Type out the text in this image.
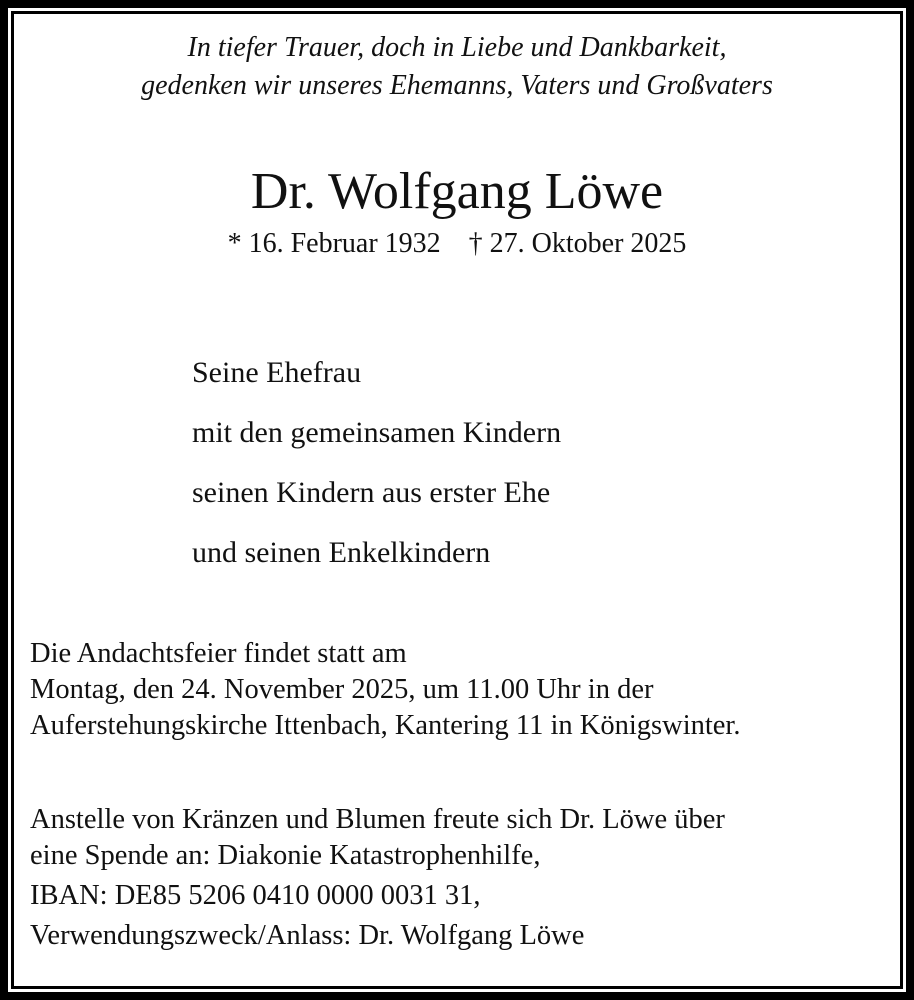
In tiefer Trauer, doch in Liebe und Dankbarkeit,
gedenken wir unseres Ehemanns, Vaters und Großvaters
Dr. Wolfgang Löwe
* 16. Februar 1932    † 27. Oktober 2025
Seine Ehefrau
mit den gemeinsamen Kindern
seinen Kindern aus erster Ehe
und seinen Enkelkindern
Die Andachtsfeier findet statt am
Montag, den 24. November 2025, um 11.00 Uhr in der
Auferstehungskirche Ittenbach, Kantering 11 in Königswinter.
Anstelle von Kränzen und Blumen freute sich Dr. Löwe über
eine Spende an: Diakonie Katastrophenhilfe,
IBAN: DE85 5206 0410 0000 0031 31,
Verwendungszweck/Anlass: Dr. Wolfgang Löwe
